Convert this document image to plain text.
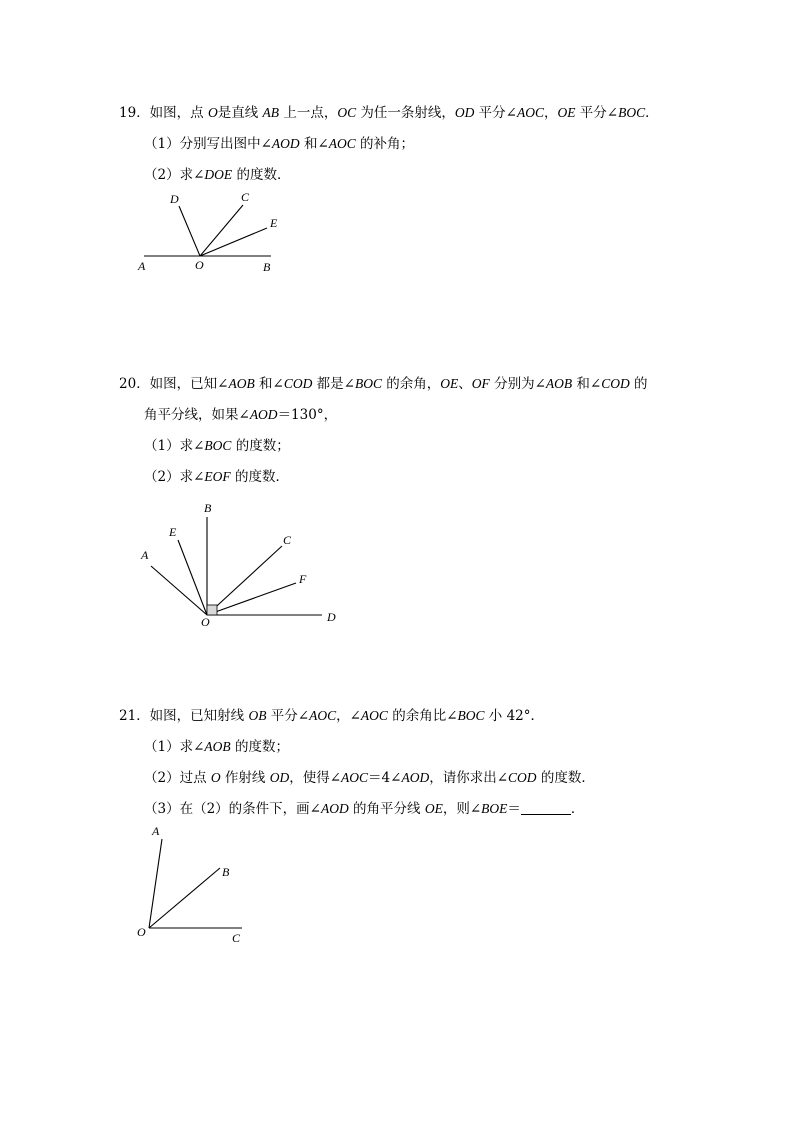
19．如图，点 O是直线 AB 上一点，OC 为任一条射线，OD 平分∠AOC，OE 平分∠BOC．
（1）分别写出图中∠AOD 和∠AOC 的补角；
（2）求∠DOE 的度数．
D	C
E
A	O	B
20．如图，已知∠AOB 和∠COD 都是∠BOC 的余角，OE、OF 分别为∠AOB 和∠COD 的
角平分线，如果∠AOD＝130°，
（1）求∠BOC 的度数；
（2）求∠EOF 的度数．
B
E
A
C
F
O	D
21．如图，已知射线 OB 平分∠AOC，∠AOC 的余角比∠BOC 小 42°．
（1）求∠AOB 的度数；
（2）过点 O 作射线 OD，使得∠AOC＝4∠AOD，请你求出∠COD 的度数．
（3）在（2）的条件下，画∠AOD 的角平分线 OE，则∠BOE＝	．
A
B
O	C
